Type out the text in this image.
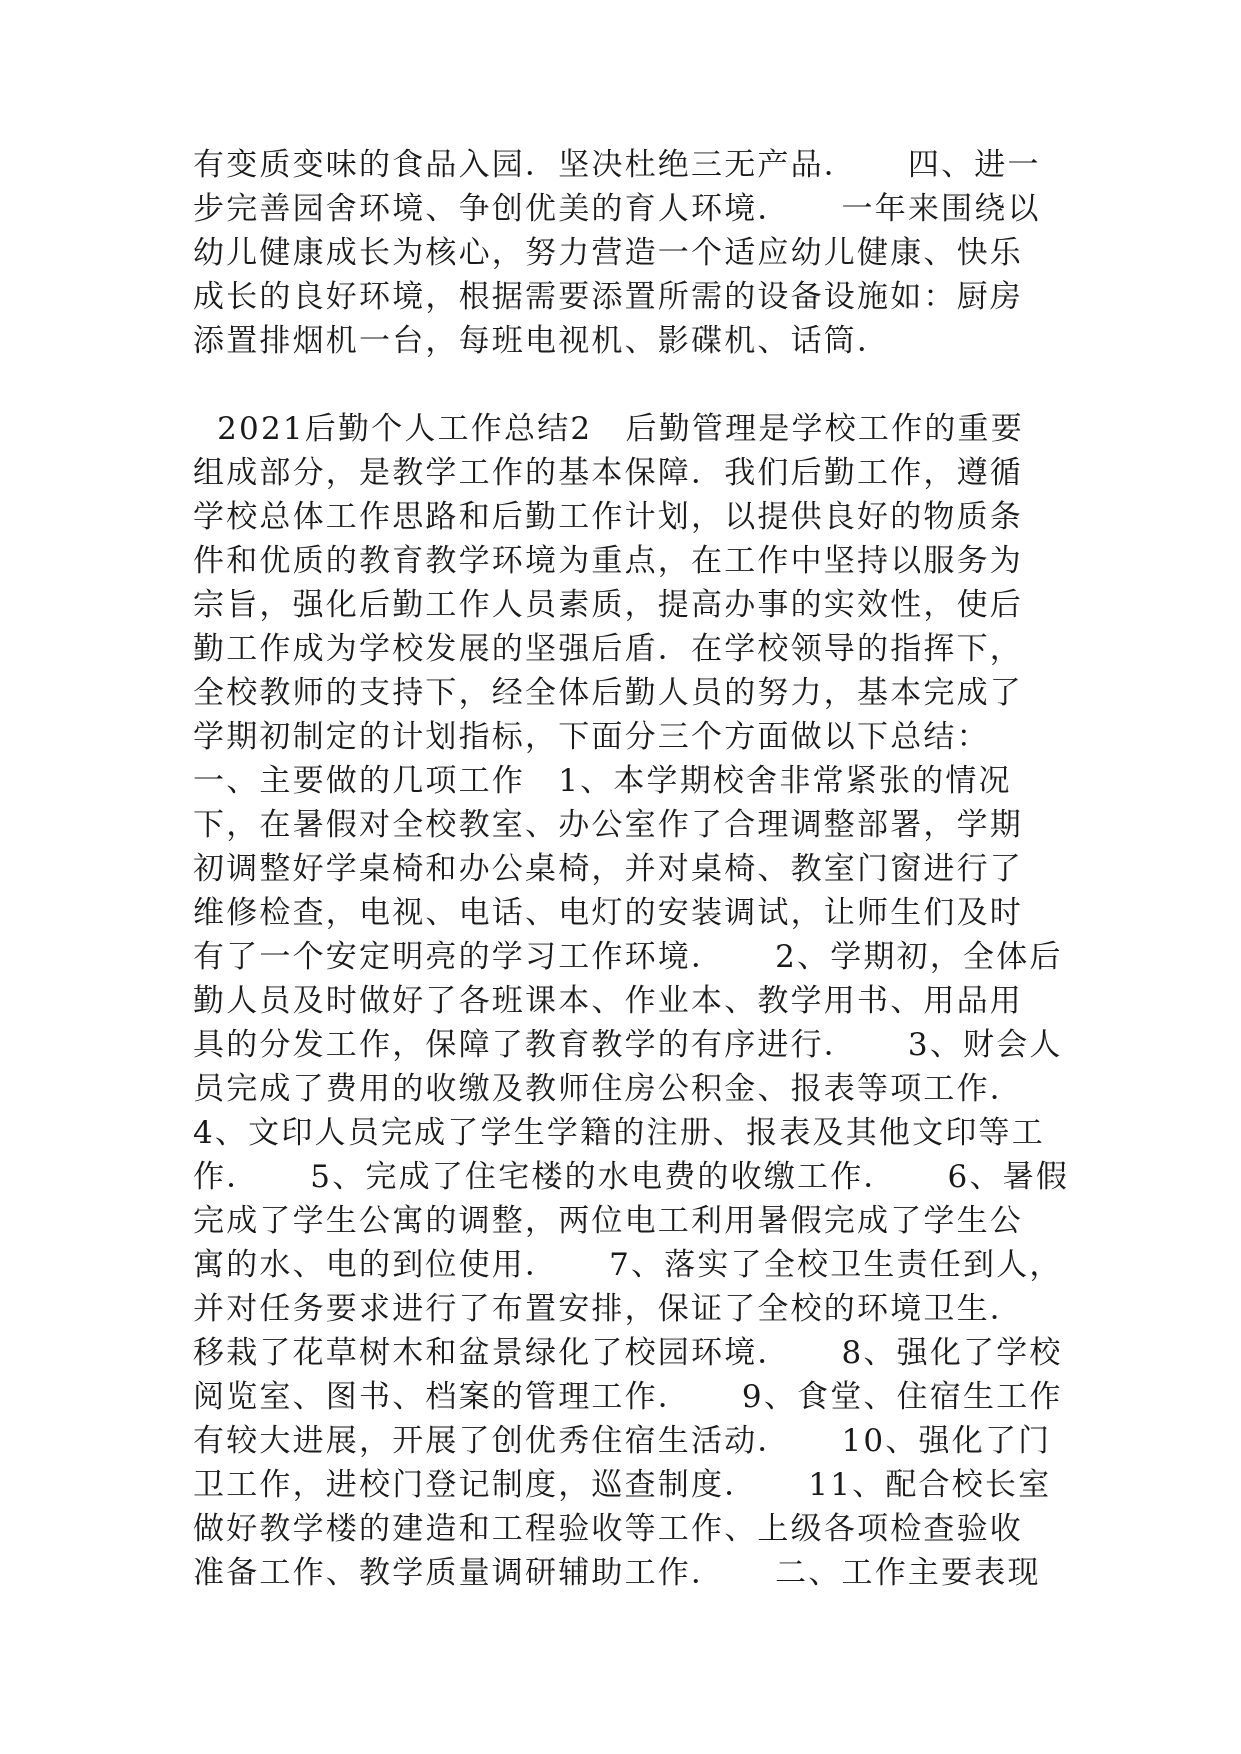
有变质变味的食品入园．坚决杜绝三无产品．　　四、进一
步完善园舍环境、争创优美的育人环境．　　一年来围绕以
幼儿健康成长为核心，努力营造一个适应幼儿健康、快乐
成长的良好环境，根据需要添置所需的设备设施如：厨房
添置排烟机一台，每班电视机、影碟机、话筒．
2021后勤个人工作总结2　后勤管理是学校工作的重要
组成部分，是教学工作的基本保障．我们后勤工作，遵循
学校总体工作思路和后勤工作计划，以提供良好的物质条
件和优质的教育教学环境为重点，在工作中坚持以服务为
宗旨，强化后勤工作人员素质，提高办事的实效性，使后
勤工作成为学校发展的坚强后盾．在学校领导的指挥下，
全校教师的支持下，经全体后勤人员的努力，基本完成了
学期初制定的计划指标，下面分三个方面做以下总结：
一、主要做的几项工作　1、本学期校舍非常紧张的情况
下，在暑假对全校教室、办公室作了合理调整部署，学期
初调整好学桌椅和办公桌椅，并对桌椅、教室门窗进行了
维修检查，电视、电话、电灯的安装调试，让师生们及时
有了一个安定明亮的学习工作环境．　　2、学期初，全体后
勤人员及时做好了各班课本、作业本、教学用书、用品用
具的分发工作，保障了教育教学的有序进行．　　3、财会人
员完成了费用的收缴及教师住房公积金、报表等项工作．
4、文印人员完成了学生学籍的注册、报表及其他文印等工
作．　　5、完成了住宅楼的水电费的收缴工作．　　6、暑假
完成了学生公寓的调整，两位电工利用暑假完成了学生公
寓的水、电的到位使用．　　7、落实了全校卫生责任到人，
并对任务要求进行了布置安排，保证了全校的环境卫生．
移栽了花草树木和盆景绿化了校园环境．　　8、强化了学校
阅览室、图书、档案的管理工作．　　9、食堂、住宿生工作
有较大进展，开展了创优秀住宿生活动．　　10、强化了门
卫工作，进校门登记制度，巡查制度．　　11、配合校长室
做好教学楼的建造和工程验收等工作、上级各项检查验收
准备工作、教学质量调研辅助工作．　　二、工作主要表现
